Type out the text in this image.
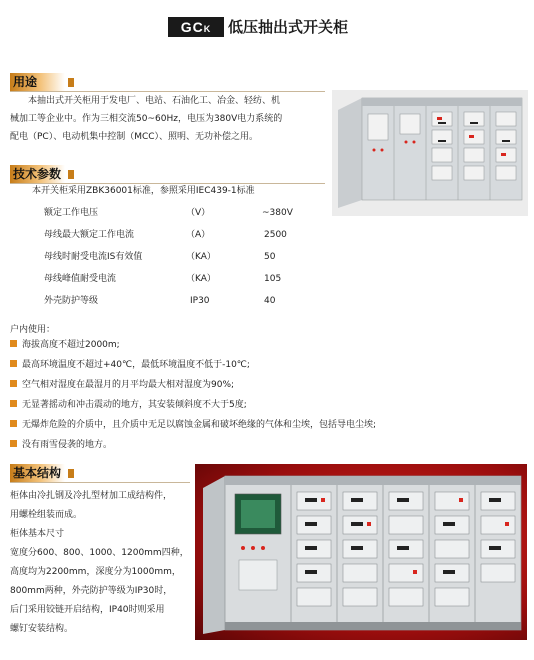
GCK	低压抽出式开关柜
用途
本抽出式开关柜用于发电厂、电站、石油化工、冶金、轻纺、机
械加工等企业中。作为三相交流50~60Hz，电压为380V电力系统的
配电（PC）、电动机集中控制（MCC）、照明、无功补偿之用。
技术参数
本开关柜采用ZBK36001标准，参照采用IEC439-1标准
额定工作电压	（V）	~380V
母线最大额定工作电流	（A）	2500
母线时耐受电流IS有效值	（KA）	50
母线峰值耐受电流	（KA）	105
外壳防护等级	IP30	40
户内使用：
海拔高度不超过2000m;
最高环境温度不超过+40℃，最低环境温度不低于-10℃;
空气相对湿度在最湿月的月平均最大相对湿度为90%;
无显著摇动和冲击震动的地方，其安装倾斜度不大于5度;
无爆炸危险的介质中，且介质中无足以腐蚀金属和破坏绝缘的气体和尘埃，包括导电尘埃;
没有雨雪侵袭的地方。
基本结构
柜体由冷扎钢及冷扎型材加工成结构件，
用螺栓组装而成。
柜体基本尺寸
宽度分600、800、1000、1200mm四种，
高度均为2200mm，深度分为1000mm，
800mm两种，外壳防护等级为IP30时，
后门采用铰链开启结构，IP40时则采用
螺钉安装结构。
